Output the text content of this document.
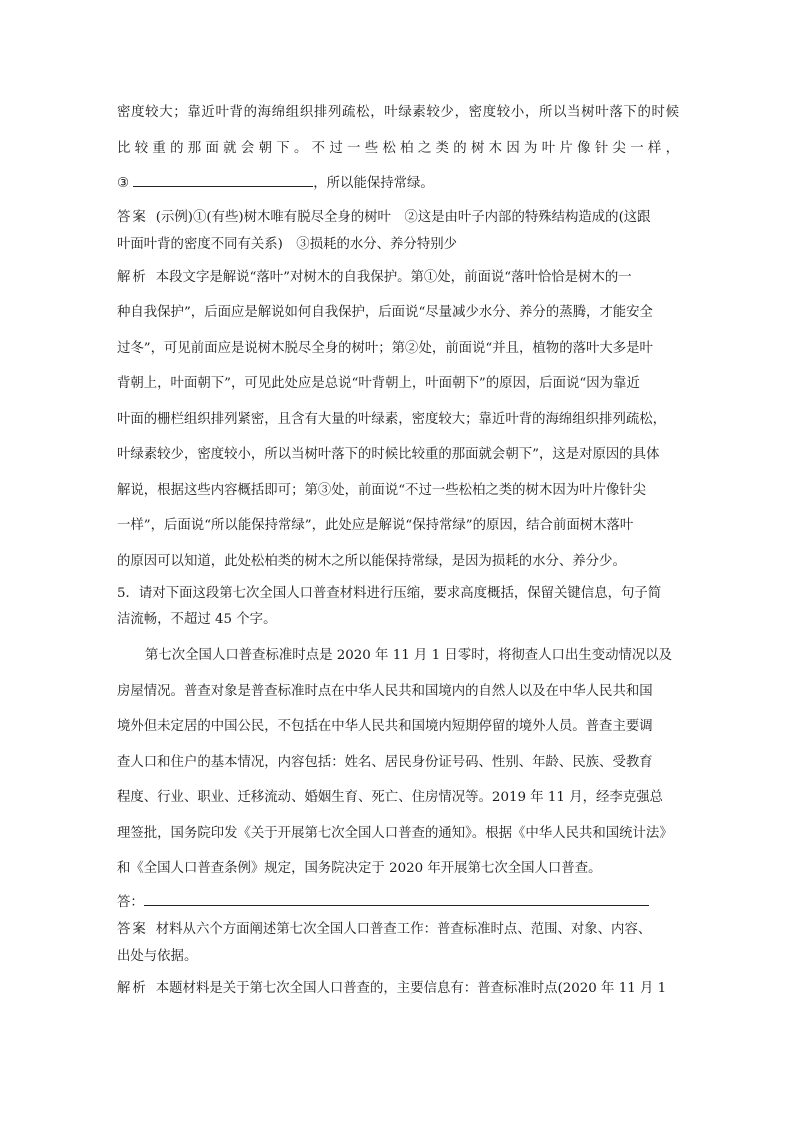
密度较大；靠近叶背的海绵组织排列疏松，叶绿素较少，密度较小，所以当树叶落下的时候
比较重的那面就会朝下。不过一些松柏之类的树木因为叶片像针尖一样，
③	，所以能保持常绿。
答案 (示例)①(有些)树木唯有脱尽全身的树叶　②这是由叶子内部的特殊结构造成的(这跟
叶面叶背的密度不同有关系)　③损耗的水分、养分特别少
解析 本段文字是解说“落叶”对树木的自我保护。第①处，前面说“落叶恰恰是树木的一
种自我保护”，后面应是解说如何自我保护，后面说“尽量减少水分、养分的蒸腾，才能安全
过冬”，可见前面应是说树木脱尽全身的树叶；第②处，前面说“并且，植物的落叶大多是叶
背朝上，叶面朝下”，可见此处应是总说“叶背朝上，叶面朝下”的原因，后面说“因为靠近
叶面的栅栏组织排列紧密，且含有大量的叶绿素，密度较大；靠近叶背的海绵组织排列疏松，
叶绿素较少，密度较小，所以当树叶落下的时候比较重的那面就会朝下”，这是对原因的具体
解说，根据这些内容概括即可；第③处，前面说“不过一些松柏之类的树木因为叶片像针尖
一样”，后面说“所以能保持常绿”，此处应是解说“保持常绿”的原因，结合前面树木落叶
的原因可以知道，此处松柏类的树木之所以能保持常绿，是因为损耗的水分、养分少。
5．请对下面这段第七次全国人口普查材料进行压缩，要求高度概括，保留关键信息，句子简
洁流畅，不超过 45 个字。
第七次全国人口普查标准时点是 2020 年 11 月 1 日零时，将彻查人口出生变动情况以及
房屋情况。普查对象是普查标准时点在中华人民共和国境内的自然人以及在中华人民共和国
境外但未定居的中国公民，不包括在中华人民共和国境内短期停留的境外人员。普查主要调
查人口和住户的基本情况，内容包括：姓名、居民身份证号码、性别、年龄、民族、受教育
程度、行业、职业、迁移流动、婚姻生育、死亡、住房情况等。2019 年 11 月，经李克强总
理签批，国务院印发《关于开展第七次全国人口普查的通知》。根据《中华人民共和国统计法》
和《全国人口普查条例》规定，国务院决定于 2020 年开展第七次全国人口普查。
答：
答案 材料从六个方面阐述第七次全国人口普查工作：普查标准时点、范围、对象、内容、
出处与依据。
解析 本题材料是关于第七次全国人口普查的，主要信息有：普查标准时点(2020 年 11 月 1
